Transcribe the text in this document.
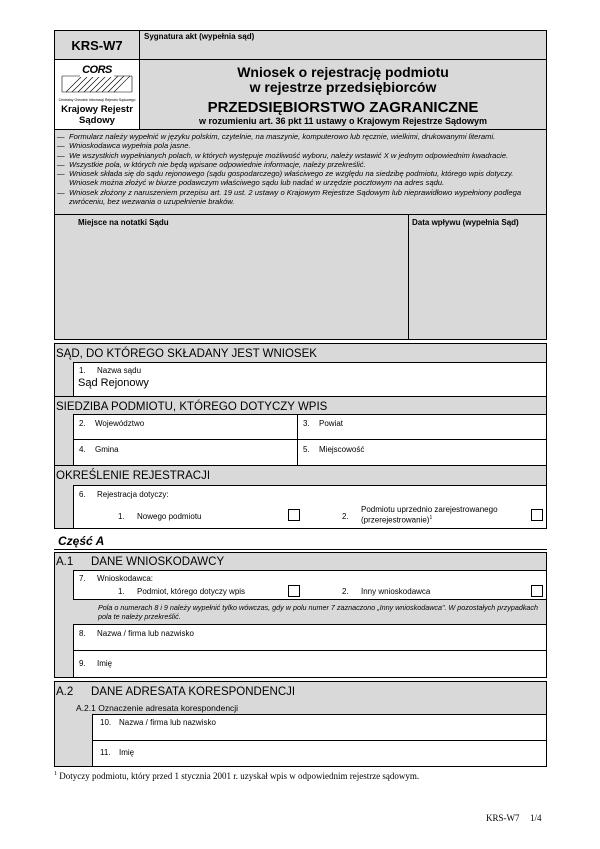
KRS-W7
CORS
Centralny Ośrodek Informacji Rejestru Sądowego
Krajowy Rejestr Sądowy
Sygnatura akt (wypełnia sąd)
Wniosek o rejestrację podmiotu
w rejestrze przedsiębiorców
PRZEDSIĘBIORSTWO ZAGRANICZNE
w rozumieniu art. 36 pkt 11 ustawy o Krajowym Rejestrze Sądowym
— Formularz należy wypełnić w języku polskim, czytelnie, na maszynie, komputerowo lub ręcznie, wielkimi, drukowanymi literami.
— Wnioskodawca wypełnia pola jasne.
— We wszystkich wypełnianych polach, w których występuje możliwość wyboru, należy wstawić X w jednym odpowiednim kwadracie.
— Wszystkie pola, w których nie będą wpisane odpowiednie informacje, należy przekreślić.
— Wniosek składa się do sądu rejonowego (sądu gospodarczego) właściwego ze względu na siedzibę podmiotu, którego wpis dotyczy. Wniosek można złożyć w biurze podawczym właściwego sądu lub nadać w urzędzie pocztowym na adres sądu.
— Wniosek złożony z naruszeniem przepisu art. 19 ust. 2 ustawy o Krajowym Rejestrze Sądowym lub nieprawidłowo wypełniony podlega zwróceniu, bez wezwania o uzupełnienie braków.
Miejsce na notatki Sądu	Data wpływu (wypełnia Sąd)
SĄD, DO KTÓREGO SKŁADANY JEST WNIOSEK
1. Nazwa sądu
Sąd Rejonowy
SIEDZIBA PODMIOTU, KTÓREGO DOTYCZY WPIS
2. Województwo	3. Powiat
4. Gmina	5. Miejscowość
OKREŚLENIE REJESTRACJI
6. Rejestracja dotyczy:
1. Nowego podmiotu	2.
Podmiotu uprzednio zarejestrowanego
(przerejestrowanie)$^1$
Część A
A.1 DANE WNIOSKODAWCY
7. Wnioskodawca:
1. Podmiot, którego dotyczy wpis	2. Inny wnioskodawca
Pola o numerach 8 i 9 należy wypełnić tylko wówczas, gdy w polu numer 7 zaznaczono „Inny wnioskodawca". W pozostałych przypadkach pola te należy przekreślić.
8. Nazwa / firma lub nazwisko
9. Imię
A.2 DANE ADRESATA KORESPONDENCJI
A.2.1 Oznaczenie adresata korespondencji
10. Nazwa / firma lub nazwisko
11. Imię
$^1$ Dotyczy podmiotu, który przed 1 stycznia 2001 r. uzyskał wpis w odpowiednim rejestrze sądowym.
KRS-W7 1/4
